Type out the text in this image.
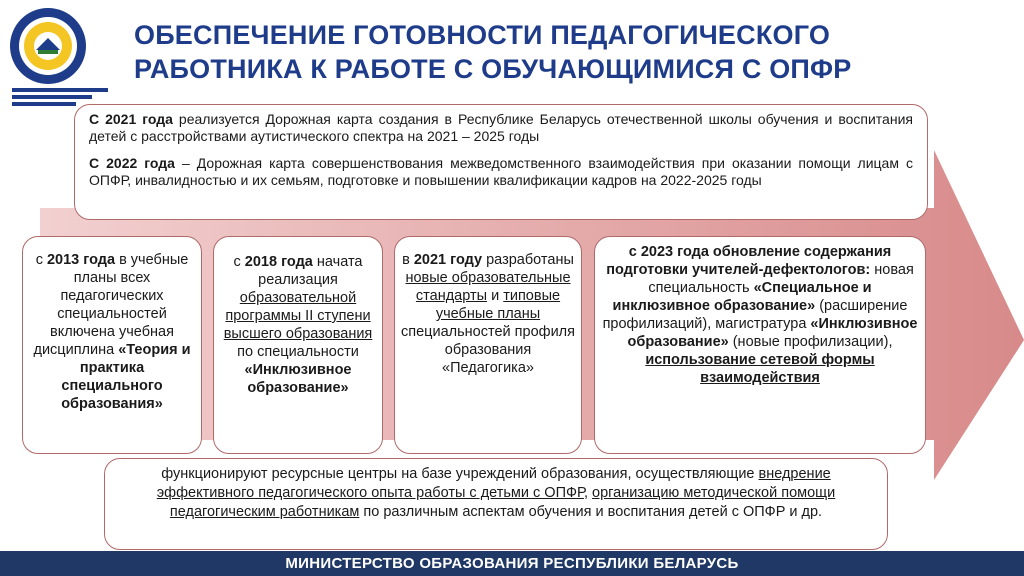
ОБЕСПЕЧЕНИЕ ГОТОВНОСТИ ПЕДАГОГИЧЕСКОГО
РАБОТНИКА К РАБОТЕ С ОБУЧАЮЩИМИСЯ С ОПФР

С 2021 года реализуется Дорожная карта создания в Республике Беларусь отечественной школы обучения и воспитания детей с расстройствами аутистического спектра на 2021 – 2025 годы

С 2022 года – Дорожная карта совершенствования межведомственного взаимодействия при оказании помощи лицам с ОПФР, инвалидностью и их семьям, подготовке и повышении квалификации кадров на 2022-2025 годы

с 2013 года в учебные планы всех педагогических специальностей включена учебная дисциплина «Теория и практика специального образования»
с 2018 года начата реализация образовательной программы II ступени высшего образования по специальности «Инклюзивное образование»
в 2021 году разработаны новые образовательные стандарты и типовые учебные планы специальностей профиля образования «Педагогика»
с 2023 года обновление содержания подготовки учителей-дефектологов: новая специальность «Специальное и инклюзивное образование» (расширение профилизаций), магистратура «Инклюзивное образование» (новые профилизации), использование сетевой формы взаимодействия
функционируют ресурсные центры на базе учреждений образования, осуществляющие внедрение эффективного педагогического опыта работы с детьми с ОПФР, организацию методической помощи педагогическим работникам по различным аспектам обучения и воспитания детей с ОПФР и др.
МИНИСТЕРСТВО ОБРАЗОВАНИЯ РЕСПУБЛИКИ БЕЛАРУСЬ
